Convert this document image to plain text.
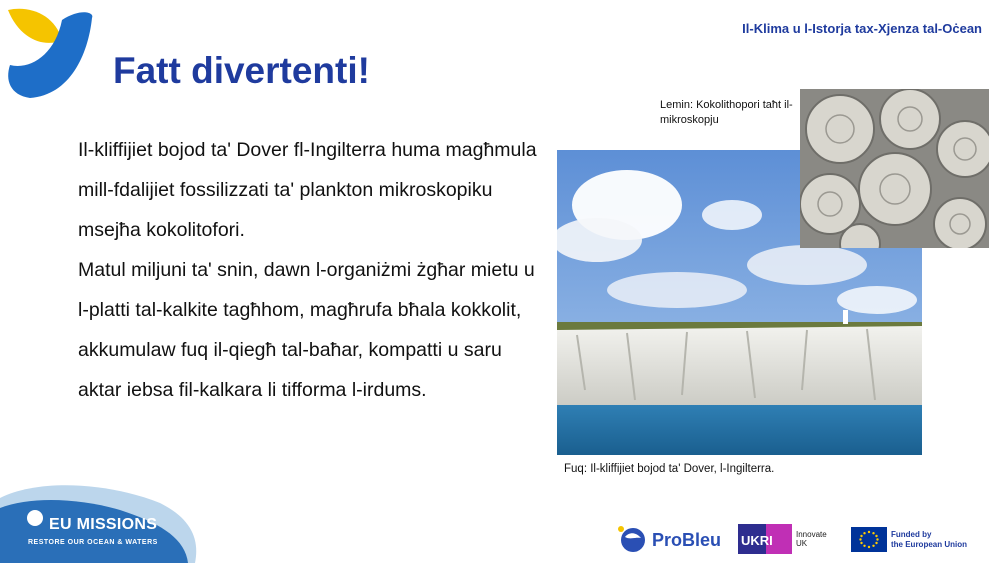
Il-Klima u l-Istorja tax-Xjenza tal-Oċean
Fatt divertenti!

Il-kliffijiet bojod ta' Dover fl-Ingilterra huma magħmula mill-fdalijiet fossilizzati ta' plankton mikroskopiku msejħa kokolitofori.

Matul miljuni ta' snin, dawn l-organiżmi żgħar mietu u l-platti tal-kalkite tagħhom, magħrufa bħala kokkolit, akkumulaw fuq il-qiegħ tal-baħar, kompatti u saru aktar iebsa fil-kalkara li tifforma l-irdums.

Lemin: Kokolithopori taħt il-mikroskopju
Fuq: Il-kliffijiet bojod ta' Dover, l-Ingilterra.
EU MISSIONS
RESTORE OUR OCEAN & WATERS	ProBleu UKRI	Innovate
UK
Funded by
the European Union
